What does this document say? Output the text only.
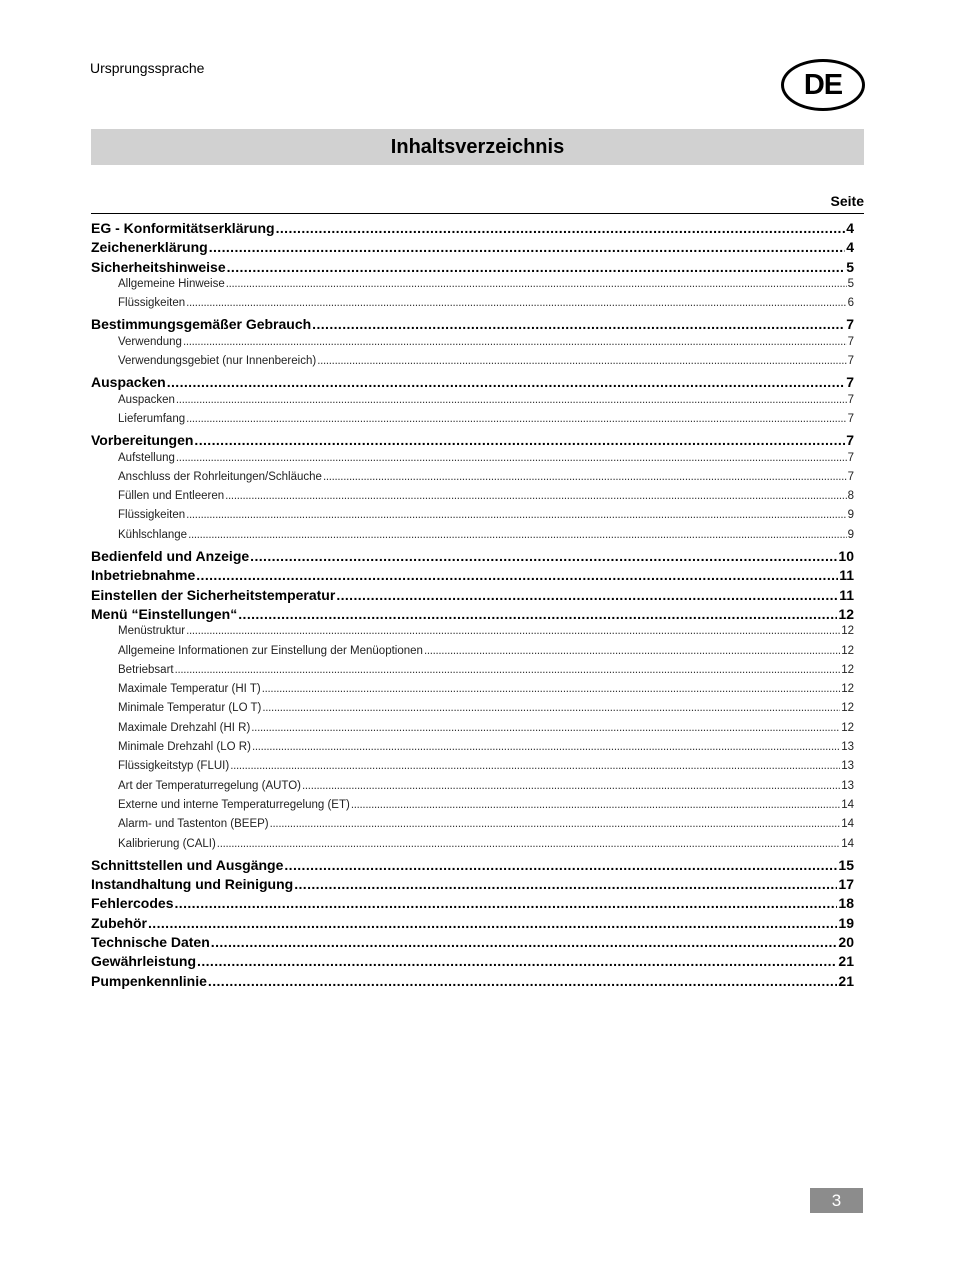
Ursprungssprache
DE
Inhaltsverzeichnis
Seite
EG - Konformitätserklärung .....	4
Zeichenerklärung .....	4
Sicherheitshinweise .....	5
Allgemeine Hinweise .....	5
Flüssigkeiten .....	6
Bestimmungsgemäßer Gebrauch .....	7
Verwendung .....	7
Verwendungsgebiet (nur Innenbereich) .....	7
Auspacken .....	7
Auspacken .....	7
Lieferumfang .....	7
Vorbereitungen .....	7
Aufstellung .....	7
Anschluss der Rohrleitungen/Schläuche .....	7
Füllen und Entleeren .....	8
Flüssigkeiten .....	9
Kühlschlange .....	9
Bedienfeld und Anzeige .....	10
Inbetriebnahme .....	11
Einstellen der Sicherheitstemperatur .....	11
Menü “Einstellungen“ .....	12
Menüstruktur .....	12
Allgemeine Informationen zur Einstellung der Menüoptionen .....	12
Betriebsart .....	12
Maximale Temperatur (HI T) .....	12
Minimale Temperatur (LO T) .....	12
Maximale Drehzahl (HI R) .....	12
Minimale Drehzahl (LO R) .....	13
Flüssigkeitstyp (FLUI) .....	13
Art der Temperaturregelung (AUTO) .....	13
Externe und interne Temperaturregelung (ET) .....	14
Alarm- und Tastenton (BEEP) .....	14
Kalibrierung (CALI) .....	14
Schnittstellen und Ausgänge .....	15
Instandhaltung und Reinigung .....	17
Fehlercodes .....	18
Zubehör .....	19
Technische Daten .....	20
Gewährleistung .....	21
Pumpenkennlinie .....	21
3
